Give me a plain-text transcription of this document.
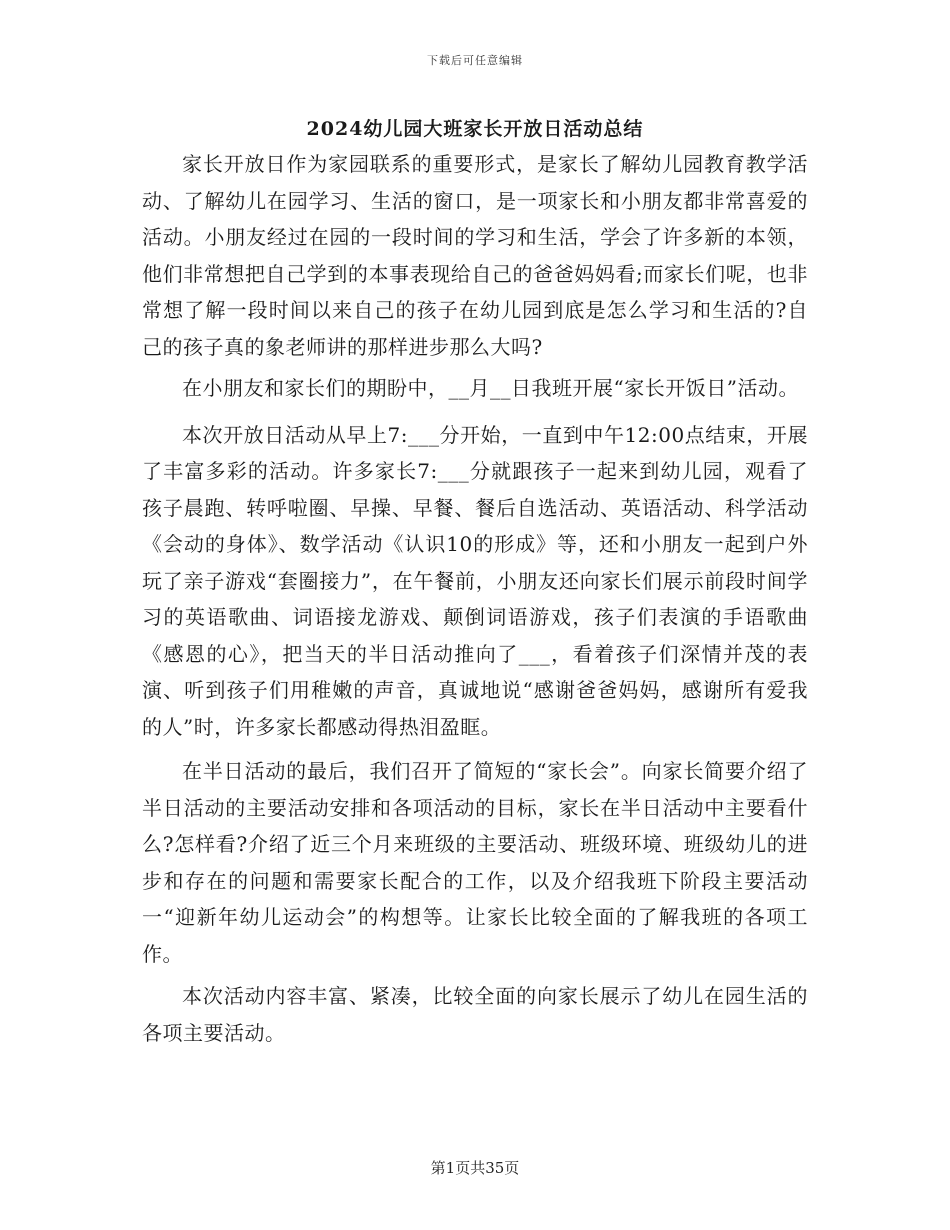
下载后可任意编辑
2024幼儿园大班家长开放日活动总结

家长开放日作为家园联系的重要形式，是家长了解幼儿园教育教学活动、了解幼儿在园学习、生活的窗口，是一项家长和小朋友都非常喜爱的活动。小朋友经过在园的一段时间的学习和生活，学会了许多新的本领，他们非常想把自己学到的本事表现给自己的爸爸妈妈看;而家长们呢，也非常想了解一段时间以来自己的孩子在幼儿园到底是怎么学习和生活的?自己的孩子真的象老师讲的那样进步那么大吗?

在小朋友和家长们的期盼中，__月__日我班开展“家长开饭日”活动。

本次开放日活动从早上7:___分开始，一直到中午12:00点结束，开展了丰富多彩的活动。许多家长7:___分就跟孩子一起来到幼儿园，观看了孩子晨跑、转呼啦圈、早操、早餐、餐后自选活动、英语活动、科学活动《会动的身体》、数学活动《认识10的形成》等，还和小朋友一起到户外玩了亲子游戏“套圈接力”，在午餐前，小朋友还向家长们展示前段时间学习的英语歌曲、词语接龙游戏、颠倒词语游戏，孩子们表演的手语歌曲《感恩的心》，把当天的半日活动推向了___，看着孩子们深情并茂的表演、听到孩子们用稚嫩的声音，真诚地说“感谢爸爸妈妈，感谢所有爱我的人”时，许多家长都感动得热泪盈眶。

在半日活动的最后，我们召开了简短的“家长会”。向家长简要介绍了半日活动的主要活动安排和各项活动的目标，家长在半日活动中主要看什么?怎样看?介绍了近三个月来班级的主要活动、班级环境、班级幼儿的进步和存在的问题和需要家长配合的工作，以及介绍我班下阶段主要活动一“迎新年幼儿运动会”的构想等。让家长比较全面的了解我班的各项工作。

本次活动内容丰富、紧凑，比较全面的向家长展示了幼儿在园生活的各项主要活动。

第1页共35页
